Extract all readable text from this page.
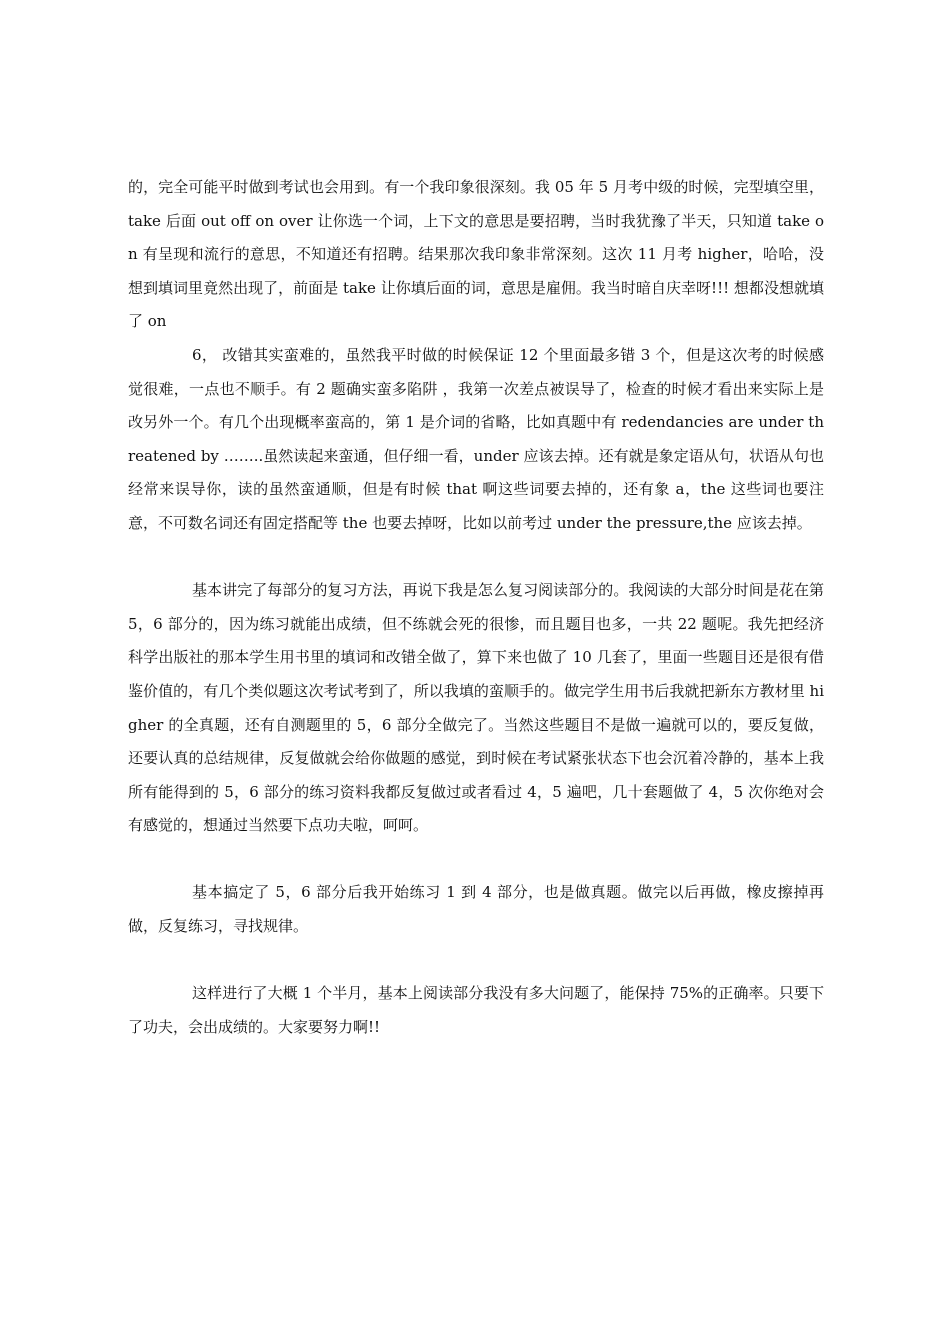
的，完全可能平时做到考试也会用到。有一个我印象很深刻。我 05 年 5 月考中级的时候，完型填空里，take 后面 out off on over 让你选一个词，上下文的意思是要招聘，当时我犹豫了半天，只知道 take on 有呈现和流行的意思，不知道还有招聘。结果那次我印象非常深刻。这次 11 月考 higher，哈哈，没想到填词里竟然出现了，前面是 take 让你填后面的词，意思是雇佣。我当时暗自庆幸呀!!! 想都没想就填了 on

6， 改错其实蛮难的，虽然我平时做的时候保证 12 个里面最多错 3 个，但是这次考的时候感觉很难，一点也不顺手。有 2 题确实蛮多陷阱 ，我第一次差点被误导了，检查的时候才看出来实际上是改另外一个。有几个出现概率蛮高的，第 1 是介词的省略，比如真题中有 redendancies are under threatened by ……..虽然读起来蛮通，但仔细一看，under 应该去掉。还有就是象定语从句，状语从句也经常来误导你，读的虽然蛮通顺，但是有时候 that 啊这些词要去掉的，还有象 a，the 这些词也要注意，不可数名词还有固定搭配等 the 也要去掉呀，比如以前考过 under the pressure,the 应该去掉。

基本讲完了每部分的复习方法，再说下我是怎么复习阅读部分的。我阅读的大部分时间是花在第 5，6 部分的，因为练习就能出成绩，但不练就会死的很惨，而且题目也多，一共 22 题呢。我先把经济科学出版社的那本学生用书里的填词和改错全做了，算下来也做了 10 几套了，里面一些题目还是很有借鉴价值的，有几个类似题这次考试考到了，所以我填的蛮顺手的。做完学生用书后我就把新东方教材里 higher 的全真题，还有自测题里的 5，6 部分全做完了。当然这些题目不是做一遍就可以的，要反复做，还要认真的总结规律，反复做就会给你做题的感觉，到时候在考试紧张状态下也会沉着冷静的，基本上我所有能得到的 5，6 部分的练习资料我都反复做过或者看过 4，5 遍吧，几十套题做了 4，5 次你绝对会有感觉的，想通过当然要下点功夫啦，呵呵。

基本搞定了 5，6 部分后我开始练习 1 到 4 部分，也是做真题。做完以后再做，橡皮擦掉再做，反复练习，寻找规律。

这样进行了大概 1 个半月，基本上阅读部分我没有多大问题了，能保持 75%的正确率。只要下了功夫，会出成绩的。大家要努力啊!!
